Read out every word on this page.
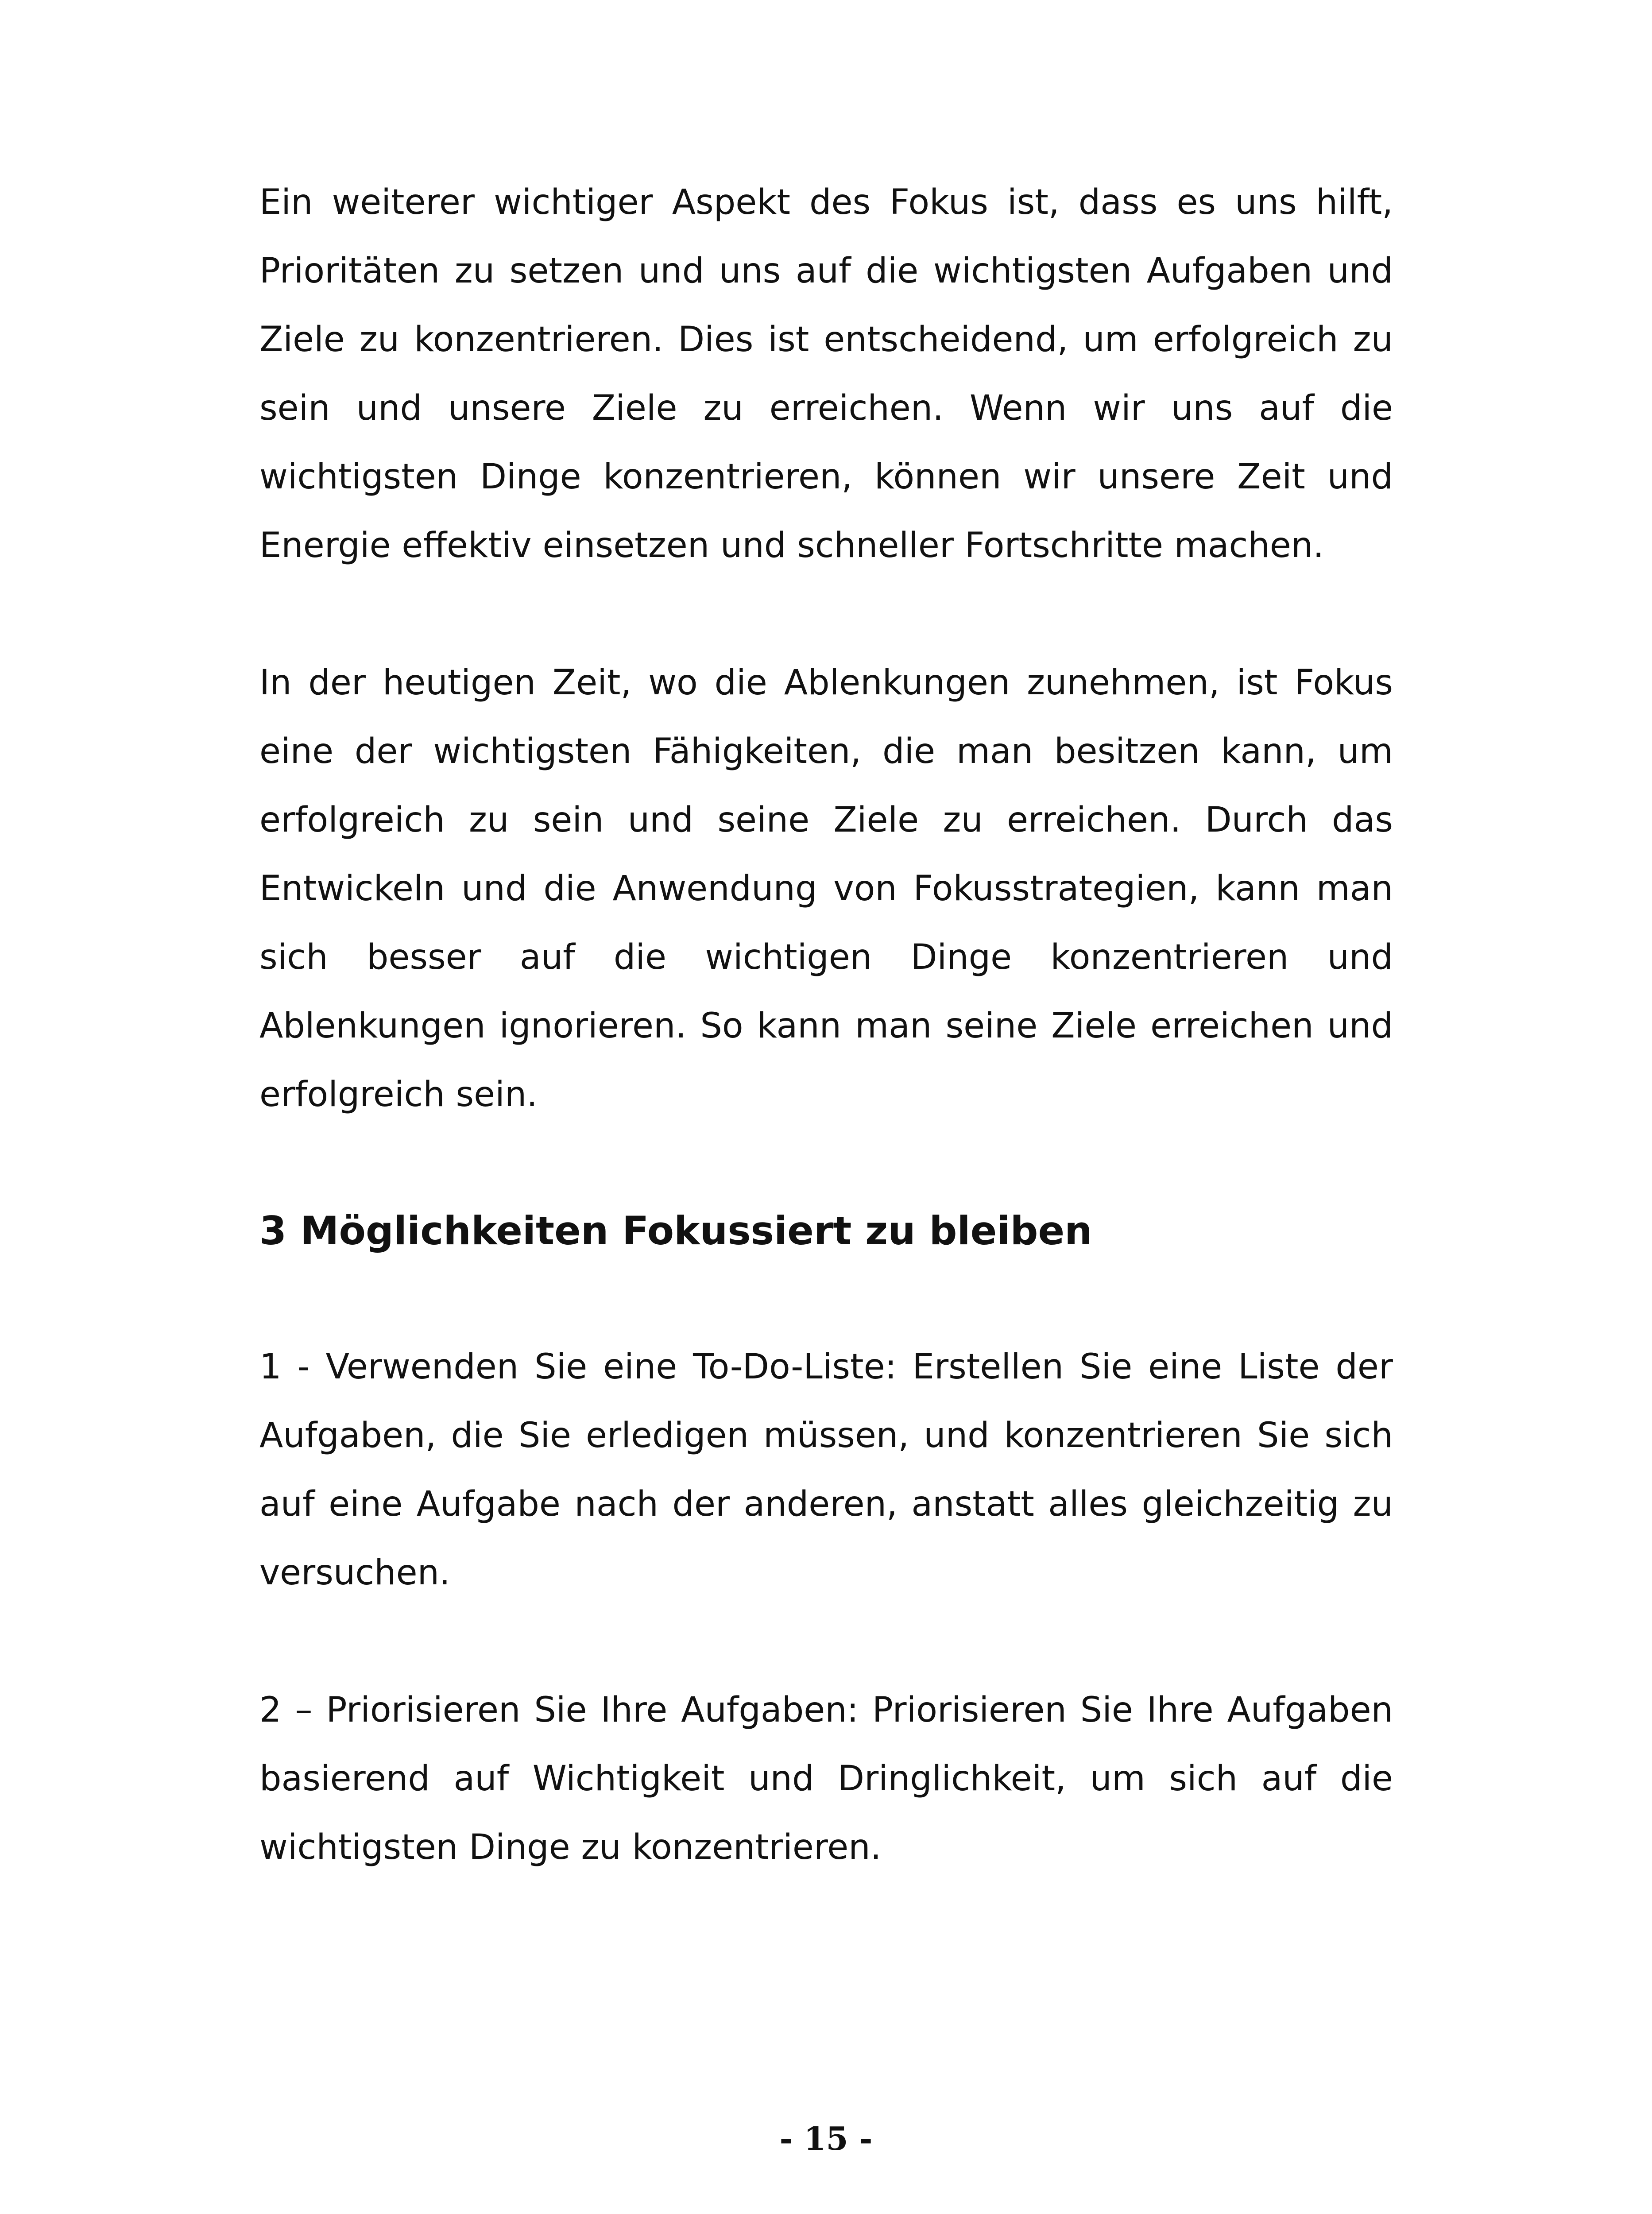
Ein weiterer wichtiger Aspekt des Fokus ist, dass es uns hilft, Prioritäten zu setzen und uns auf die wichtigsten Aufgaben und Ziele zu konzentrieren. Dies ist entscheidend, um erfolgreich zu sein und unsere Ziele zu erreichen. Wenn wir uns auf die wichtigsten Dinge konzentrieren, können wir unsere Zeit und Energie effektiv einsetzen und schneller Fortschritte machen.

In der heutigen Zeit, wo die Ablenkungen zunehmen, ist Fokus eine der wichtigsten Fähigkeiten, die man besitzen kann, um erfolgreich zu sein und seine Ziele zu erreichen. Durch das Entwickeln und die Anwendung von Fokusstrategien, kann man sich besser auf die wichtigen Dinge konzentrieren und Ablenkungen ignorieren. So kann man seine Ziele erreichen und erfolgreich sein.

3 Möglichkeiten Fokussiert zu bleiben

1 - Verwenden Sie eine To-Do-Liste: Erstellen Sie eine Liste der Aufgaben, die Sie erledigen müssen, und konzentrieren Sie sich auf eine Aufgabe nach der anderen, anstatt alles gleichzeitig zu versuchen.

2 – Priorisieren Sie Ihre Aufgaben: Priorisieren Sie Ihre Aufgaben basierend auf Wichtigkeit und Dringlichkeit, um sich auf die wichtigsten Dinge zu konzentrieren.

- 15 -
